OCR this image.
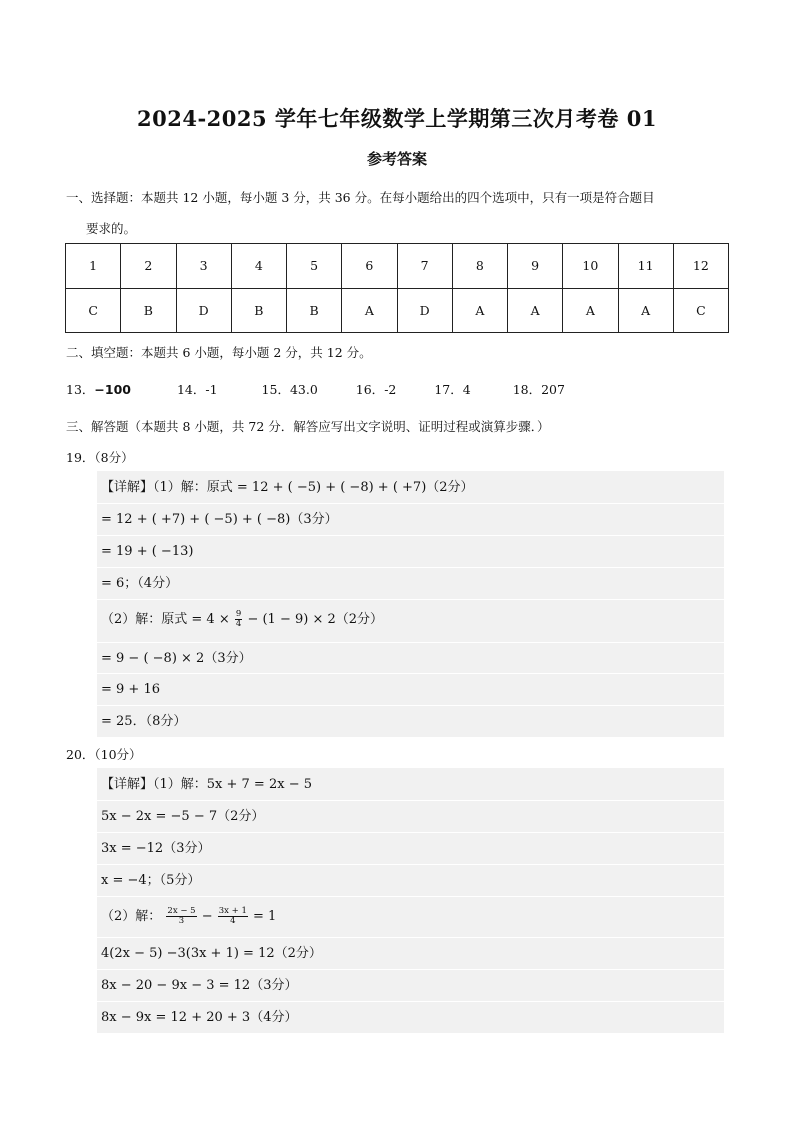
2024-2025 学年七年级数学上学期第三次月考卷 01
参考答案
一、选择题：本题共 12 小题，每小题 3 分，共 36 分。在每小题给出的四个选项中，只有一项是符合题目
要求的。
1	2	3	4	5	6	7	8	9	10	11	12
C	B	D	B	B	A	D	A	A	A	A	C
二、填空题：本题共 6 小题，每小题 2 分，共 12 分。
13．−100	14．-1	15．43.0	16．-2	17．4	18．207
三、解答题（本题共 8 小题，共 72 分．解答应写出文字说明、证明过程或演算步骤．）
19．（8分）
【详解】（1）解：原式 = 12 + ( −5) + ( −8) + ( +7)（2分）
= 12 + ( +7) + ( −5) + ( −8)（3分）
= 19 + ( −13)
= 6；（4分）
（2）解：原式 = $4 \times \frac{9}{4} - (1 - 9) \times 2(2$分）
= 9 − ( −8) × 2（3分）
= 9 + 16
= 25．（8分）
20．（10分）
【详解】（1）解：5x + 7 = 2x − 5
5x − 2x = −5 − 7（2分）
3x = −12（3分）
x = −4；（5分）
（2）解： $\frac{2x - 5}{3} - \frac{3x + 1}{4} = 1$
4(2x − 5) −3(3x + 1) = 12（2分）
8x − 20 − 9x − 3 = 12（3分）
8x − 9x = 12 + 20 + 3（4分）
